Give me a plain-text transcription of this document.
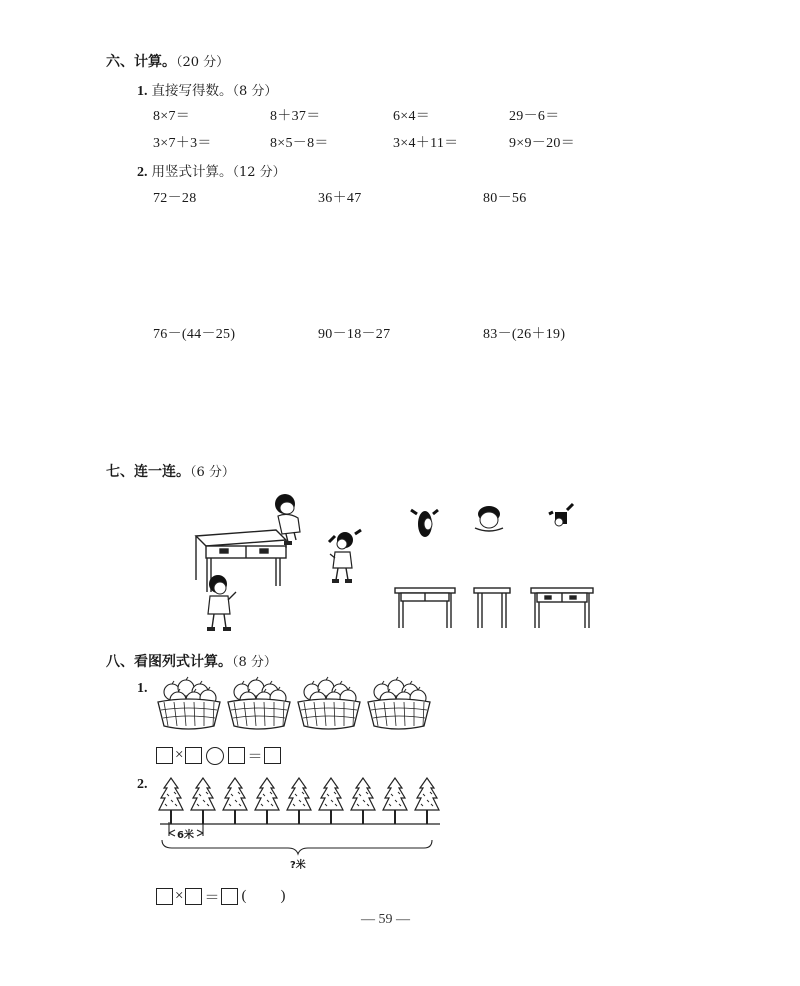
六、计算。（20 分）
1. 直接写得数。（8 分）
8×7＝	8＋37＝	6×4＝	29－6＝
3×7＋3＝	8×5－8＝	3×4＋11＝	9×9－20＝
2. 用竖式计算。（12 分）
72－28	36＋47	80－56
76－(44－25)	90－18－27	83－(26＋19)
七、连一连。（6 分）
八、看图列式计算。（8 分）
1.
×	＝
2.
6米
?米
× ＝ ( )
— 59 —
